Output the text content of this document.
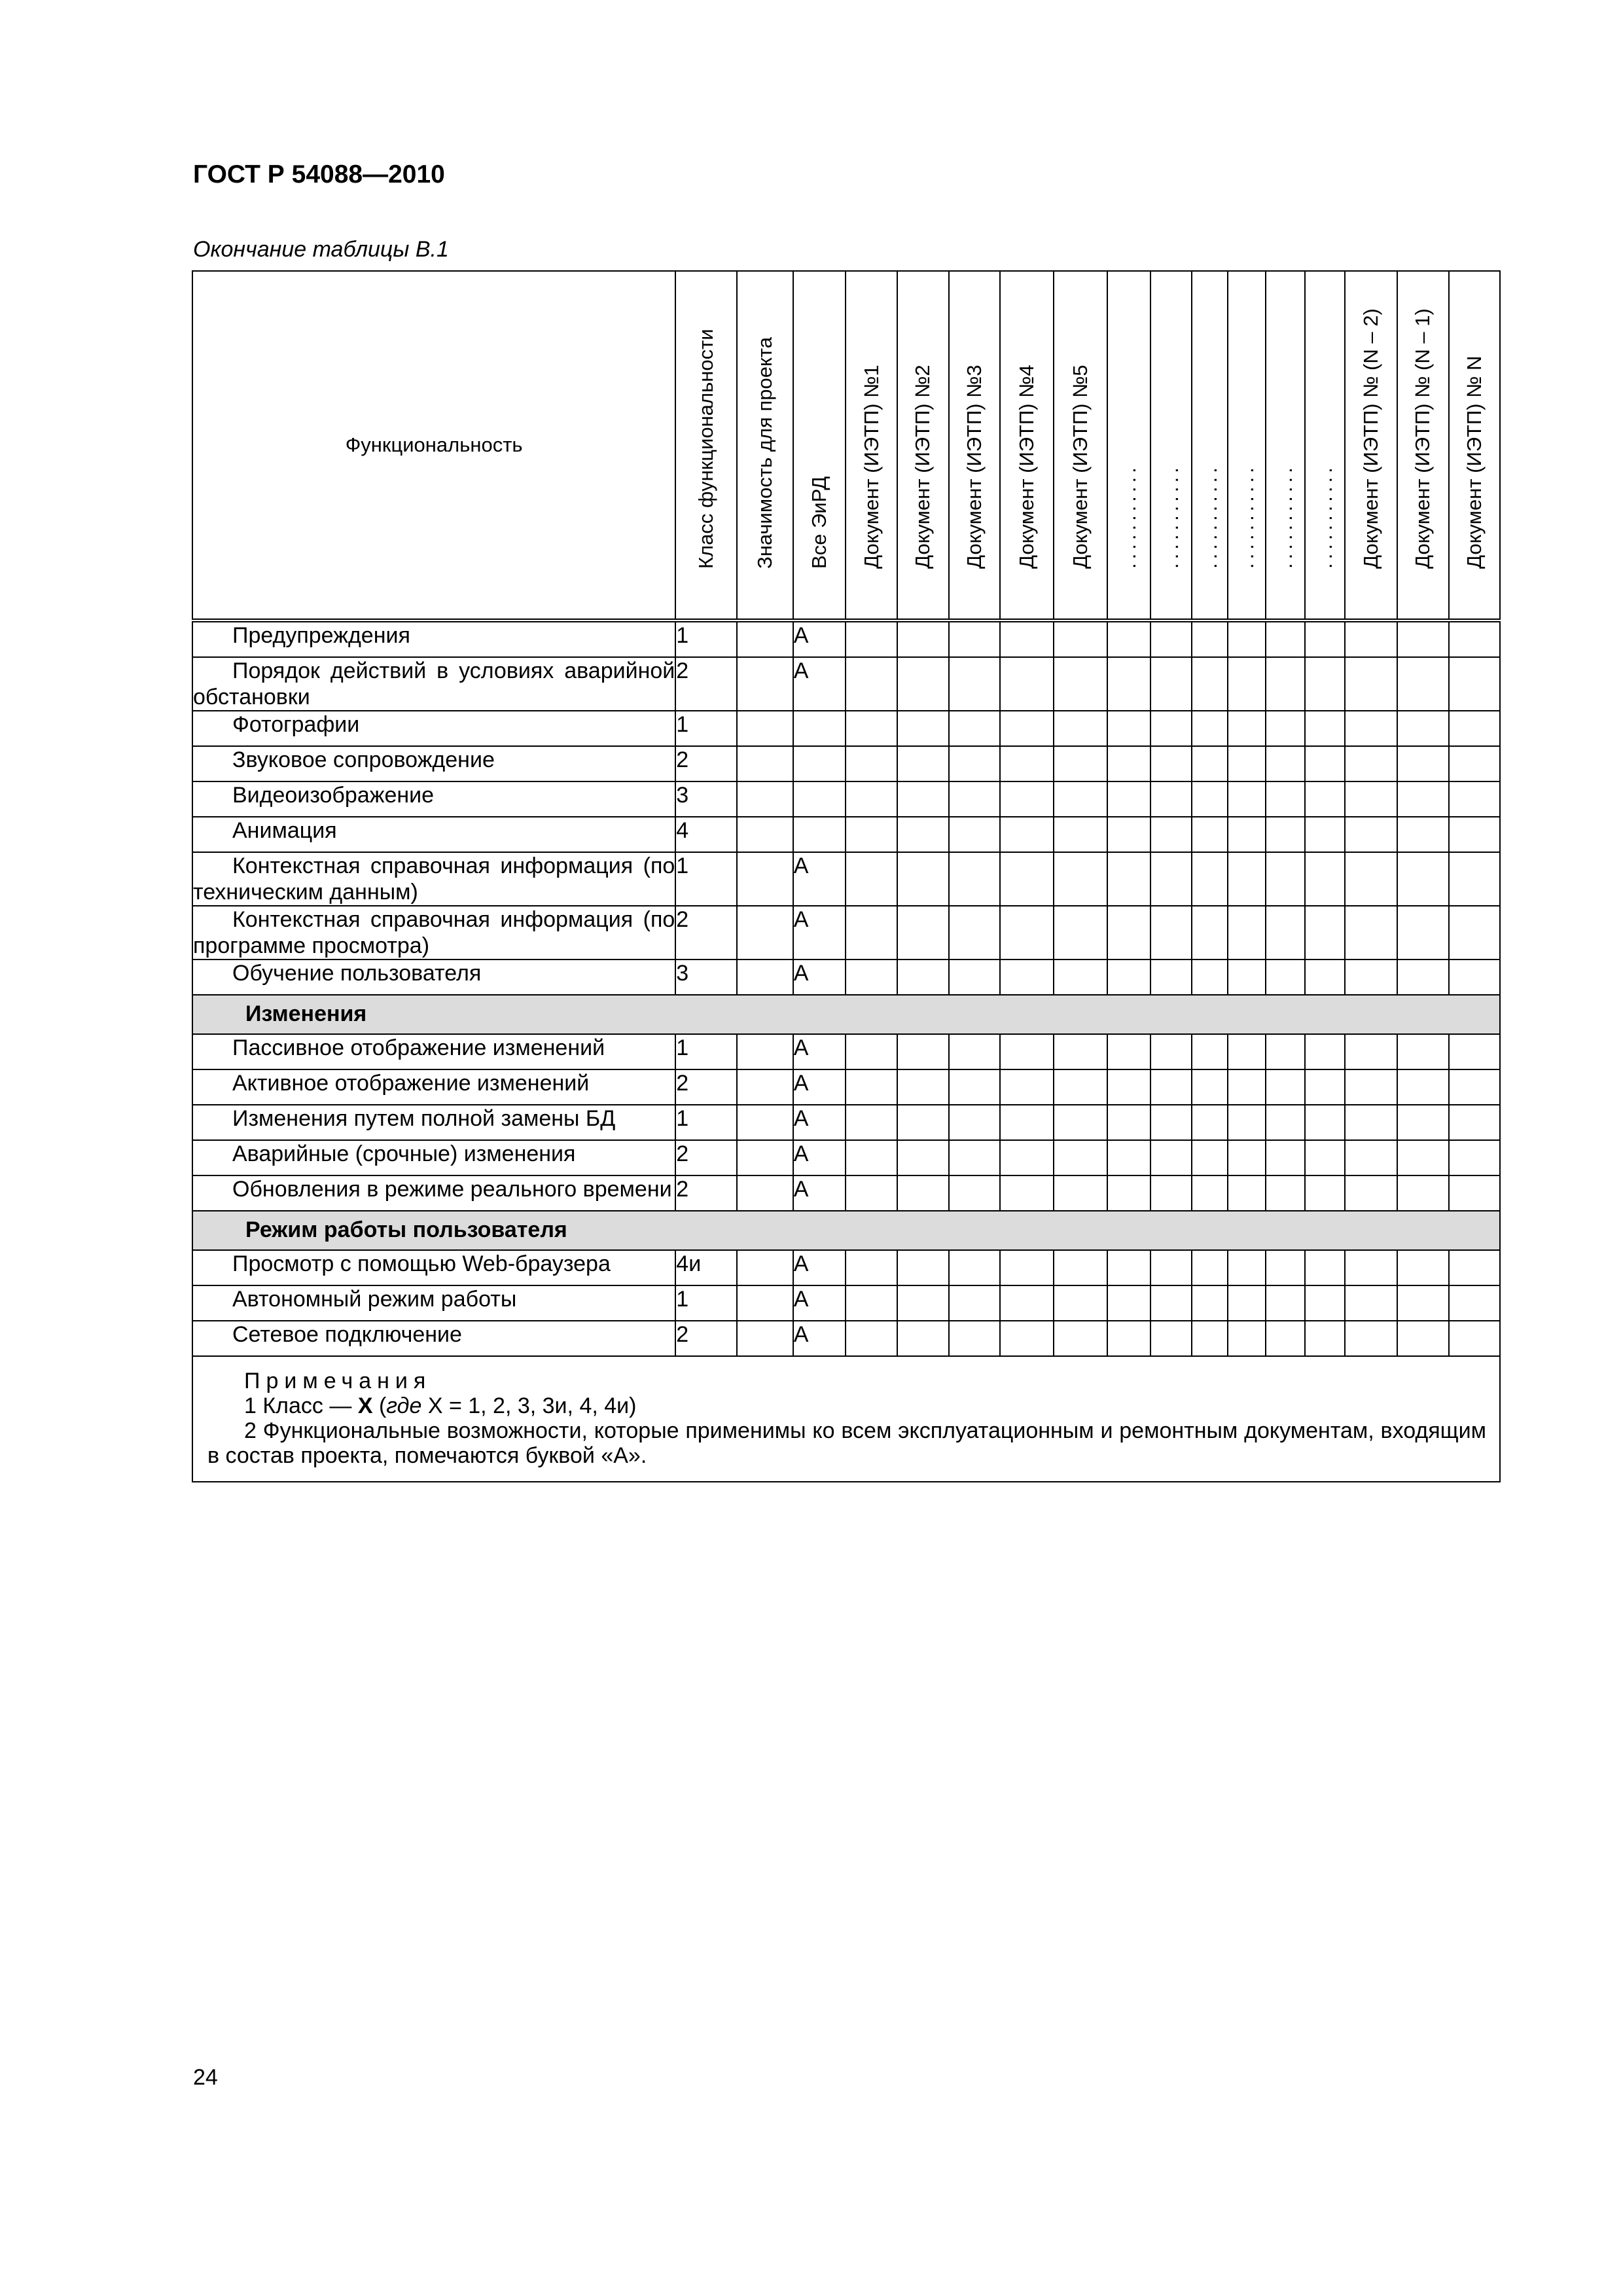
ГОСТ Р 54088—2010
Окончание таблицы В.1
Функциональность	Класс функциональности	Значимость для проекта	Все ЭиРД	Документ (ИЭТП) №1	Документ (ИЭТП) №2	Документ (ИЭТП) №3	Документ (ИЭТП) №4	Документ (ИЭТП) №5	...........	...........	...........	...........	...........	...........	Документ (ИЭТП) № (N – 2)	Документ (ИЭТП) № (N – 1)	Документ (ИЭТП) № N

Предупреждения	1		А														
Порядок действий в условиях аварийной обстановки	2		А														
Фотографии	1																
Звуковое сопровождение	2																
Видеоизображение	3																
Анимация	4																
Контекстная справочная информация (по техническим данным)	1		А														
Контекстная справочная информация (по программе просмотра)	2		А														
Обучение пользователя	3		А														
Изменения																	
Пассивное отображение изменений	1		А														
Активное отображение изменений	2		А														
Изменения путем полной замены БД	1		А														
Аварийные (срочные) изменения	2		А														
Обновления в режиме реального времени	2		А														
Режим работы пользователя																	
Просмотр с помощью Web-браузера	4и		А														
Автономный режим работы	1		А														
Сетевое подключение	2		А														

Примечания
1 Класс — X (где X = 1, 2, 3, 3и, 4, 4и)
2 Функциональные возможности, которые применимы ко всем эксплуатационным и ремонтным документам, входящим в состав проекта, помечаются буквой «А».																	
24
